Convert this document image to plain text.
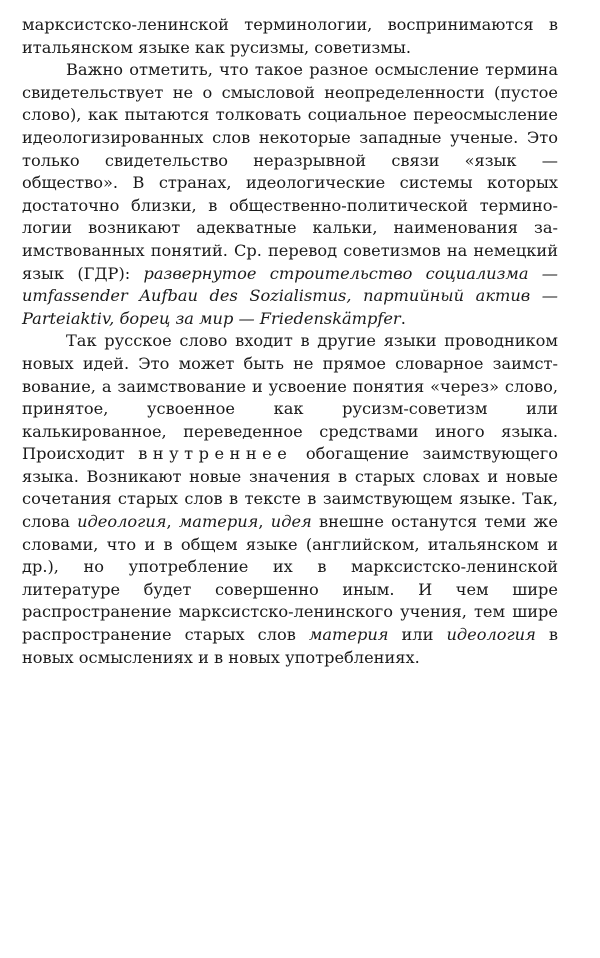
марксистско-ленинской терминологии, воспринимаются в итальянском языке как русизмы, советизмы.

Важно отметить, что такое разное осмысление термина свидетельствует не о смысловой неопределенности (пустое слово), как пытаются толковать социальное переосмысление идеологизированных слов некоторые западные ученые. Это только свидетельство неразрывной связи «язык — общество». В странах, идеологические системы которых достаточно близки, в общественно-политической терминологии возникают адекватные кальки, наименования заимствованных понятий. Ср. перевод советизмов на немецкий язык (ГДР): развернутое строительство социализма — umfassender Aufbau des Sozialismus, партийный актив — Parteiaktiv, борец за мир — Friedenskämpfer.

Так русское слово входит в другие языки проводником новых идей. Это может быть не прямое словарное заимствование, а заимствование и усвоение понятия «через» слово, принятое, усвоенное как русизм-советизм или калькированное, переведенное средствами иного языка. Происходит внутреннее обогащение заимствующего языка. Возникают новые значения в старых словах и новые сочетания старых слов в тексте в заимствующем языке. Так, слова идеология, материя, идея внешне останутся теми же словами, что и в общем языке (английском, итальянском и др.), но употребление их в марксистско-ленинской литературе будет совершенно иным. И чем шире распространение марксистско-ленинского учения, тем шире распространение старых слов материя или идеология в новых осмыслениях и в новых употреблениях.
